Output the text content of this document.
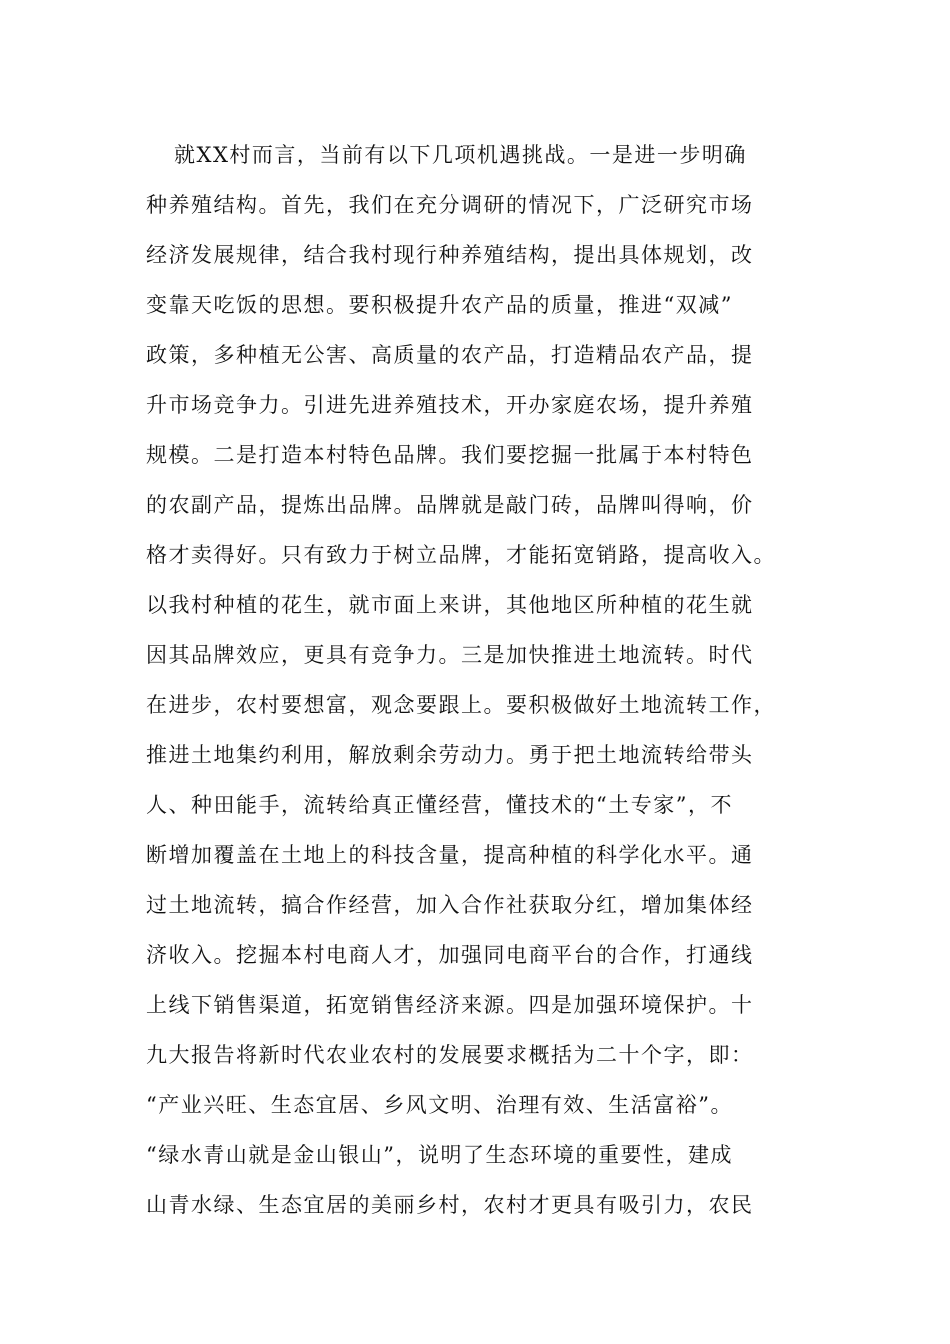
就XX村而言，当前有以下几项机遇挑战。一是进一步明确
种养殖结构。首先，我们在充分调研的情况下，广泛研究市场
经济发展规律，结合我村现行种养殖结构，提出具体规划，改
变靠天吃饭的思想。要积极提升农产品的质量，推进“双减”
政策，多种植无公害、高质量的农产品，打造精品农产品，提
升市场竞争力。引进先进养殖技术，开办家庭农场，提升养殖
规模。二是打造本村特色品牌。我们要挖掘一批属于本村特色
的农副产品，提炼出品牌。品牌就是敲门砖，品牌叫得响，价
格才卖得好。只有致力于树立品牌，才能拓宽销路，提高收入。
以我村种植的花生，就市面上来讲，其他地区所种植的花生就
因其品牌效应，更具有竞争力。三是加快推进土地流转。时代
在进步，农村要想富，观念要跟上。要积极做好土地流转工作，
推进土地集约利用，解放剩余劳动力。勇于把土地流转给带头
人、种田能手，流转给真正懂经营，懂技术的“土专家”，不
断增加覆盖在土地上的科技含量，提高种植的科学化水平。通
过土地流转，搞合作经营，加入合作社获取分红，增加集体经
济收入。挖掘本村电商人才，加强同电商平台的合作，打通线
上线下销售渠道，拓宽销售经济来源。四是加强环境保护。十
九大报告将新时代农业农村的发展要求概括为二十个字，即：
“产业兴旺、生态宜居、乡风文明、治理有效、生活富裕”。
“绿水青山就是金山银山”，说明了生态环境的重要性，建成
山青水绿、生态宜居的美丽乡村，农村才更具有吸引力，农民
